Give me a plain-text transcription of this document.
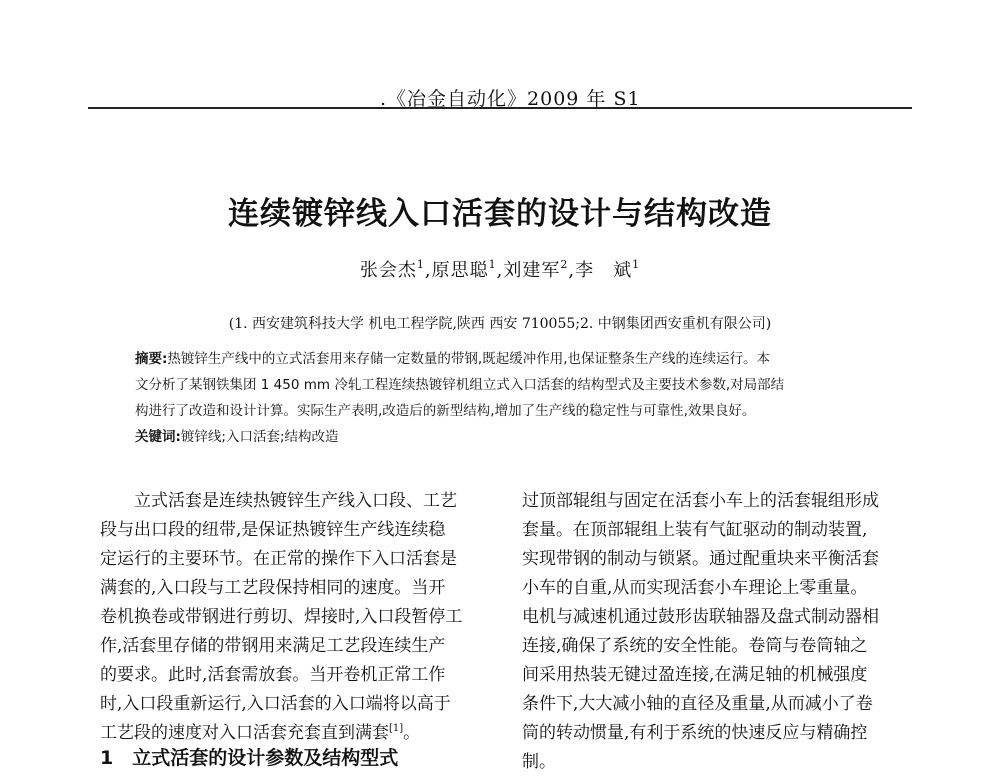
.《冶金自动化》2009 年 S1
连续镀锌线入口活套的设计与结构改造
张会杰$^1$,原思聪$^1$,刘建军$^2$,李　斌$^1$
(1. 西安建筑科技大学 机电工程学院,陕西 西安 710055;2. 中钢集团西安重机有限公司)
摘要:热镀锌生产线中的立式活套用来存储一定数量的带钢,既起缓冲作用,也保证整条生产线的连续运行。本
文分析了某钢铁集团 1 450 mm 冷轧工程连续热镀锌机组立式入口活套的结构型式及主要技术参数,对局部结
构进行了改造和设计计算。实际生产表明,改造后的新型结构,增加了生产线的稳定性与可靠性,效果良好。
关键词:镀锌线;入口活套;结构改造
　　立式活套是连续热镀锌生产线入口段、工艺
段与出口段的纽带,是保证热镀锌生产线连续稳
定运行的主要环节。在正常的操作下入口活套是
满套的,入口段与工艺段保持相同的速度。当开
卷机换卷或带钢进行剪切、焊接时,入口段暂停工
作,活套里存储的带钢用来满足工艺段连续生产
的要求。此时,活套需放套。当开卷机正常工作
时,入口段重新运行,入口活套的入口端将以高于
工艺段的速度对入口活套充套直到满套[1]。
过顶部辊组与固定在活套小车上的活套辊组形成
套量。在顶部辊组上装有气缸驱动的制动装置,
实现带钢的制动与锁紧。通过配重块来平衡活套
小车的自重,从而实现活套小车理论上零重量。
电机与减速机通过鼓形齿联轴器及盘式制动器相
连接,确保了系统的安全性能。卷筒与卷筒轴之
间采用热装无键过盈连接,在满足轴的机械强度
条件下,大大减小轴的直径及重量,从而减小了卷
筒的转动惯量,有利于系统的快速反应与精确控
制。
1　立式活套的设计参数及结构型式
